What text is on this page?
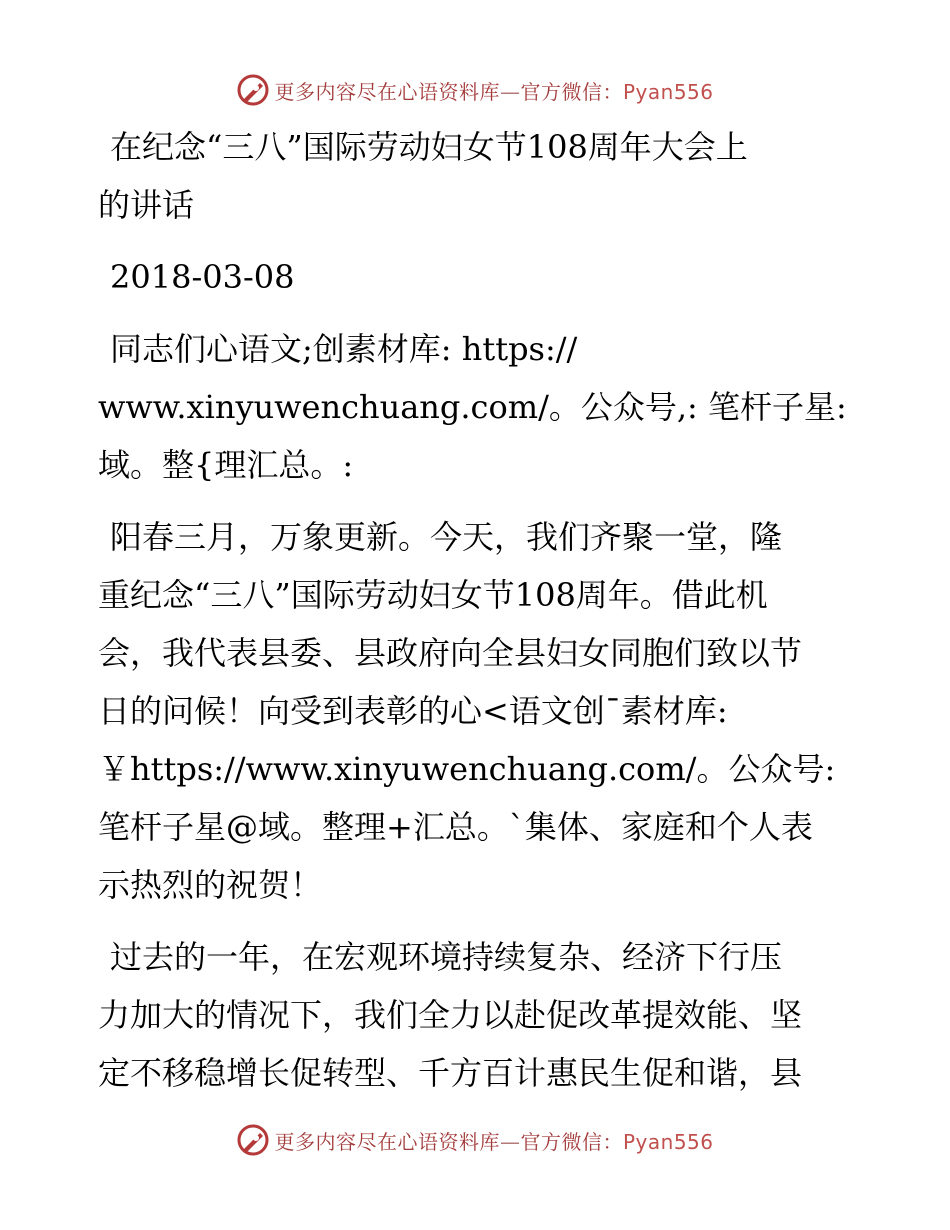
更多内容尽在心语资料库—官方微信：Pyan556

在纪念“三八”国际劳动妇女节108周年大会上
的讲话

2018-03-08

同志们心语文;创素材库: https://
www.xinyuwenchuang.com/。公众号,: 笔杆子星:
域。整{理汇总。:

阳春三月，万象更新。今天，我们齐聚一堂，隆
重纪念“三八”国际劳动妇女节108周年。借此机
会，我代表县委、县政府向全县妇女同胞们致以节
日的问候！向受到表彰的心<语文创¯素材库:
￥https://www.xinyuwenchuang.com/。公众号:
笔杆子星@域。整理+汇总。`集体、家庭和个人表
示热烈的祝贺！

过去的一年，在宏观环境持续复杂、经济下行压
力加大的情况下，我们全力以赴促改革提效能、坚
定不移稳增长促转型、千方百计惠民生促和谐，县

更多内容尽在心语资料库—官方微信：Pyan556
